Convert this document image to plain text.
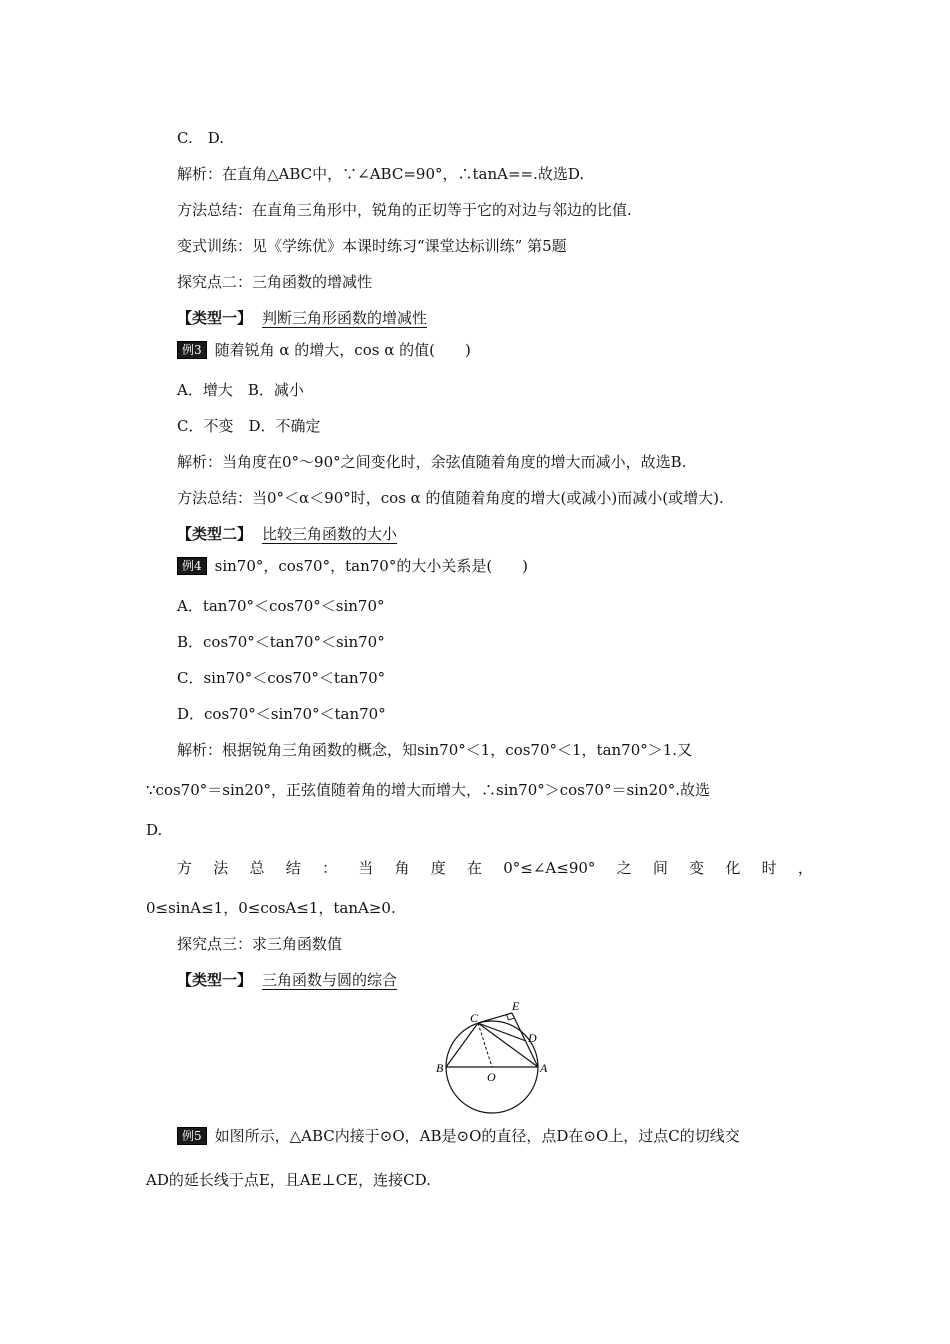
C.　D.
解析：在直角△ABC中，∵∠ABC=90°，∴tanA==.故选D.
方法总结：在直角三角形中，锐角的正切等于它的对边与邻边的比值.
变式训练：见《学练优》本课时练习“课堂达标训练” 第5题
探究点二：三角函数的增减性
【类型一】 判断三角形函数的增减性
例3 随着锐角 α 的增大，cos α 的值(　　)
A．增大　B．减小
C．不变　D．不确定
解析：当角度在0°～90°之间变化时，余弦值随着角度的增大而减小，故选B.
方法总结：当0°＜α＜90°时，cos α 的值随着角度的增大(或减小)而减小(或增大).
【类型二】 比较三角函数的大小
例4 sin70°，cos70°，tan70°的大小关系是(　　)
A．tan70°＜cos70°＜sin70°
B．cos70°＜tan70°＜sin70°
C．sin70°＜cos70°＜tan70°
D．cos70°＜sin70°＜tan70°
解析：根据锐角三角函数的概念，知sin70°＜1，cos70°＜1，tan70°＞1.又
∵cos70°＝sin20°，正弦值随着角的增大而增大，∴sin70°＞cos70°＝sin20°.故选
D.
方 法 总 结 ： 当 角 度 在 0°≤∠A≤90° 之 间 变 化 时 ，
0≤sinA≤1，0≤cosA≤1，tanA≥0.
探究点三：求三角函数值
【类型一】 三角函数与圆的综合
B
O
A
C
D
E
例5 如图所示，△ABC内接于⊙O，AB是⊙O的直径，点D在⊙O上，过点C的切线交
AD的延长线于点E，且AE⊥CE，连接CD.
